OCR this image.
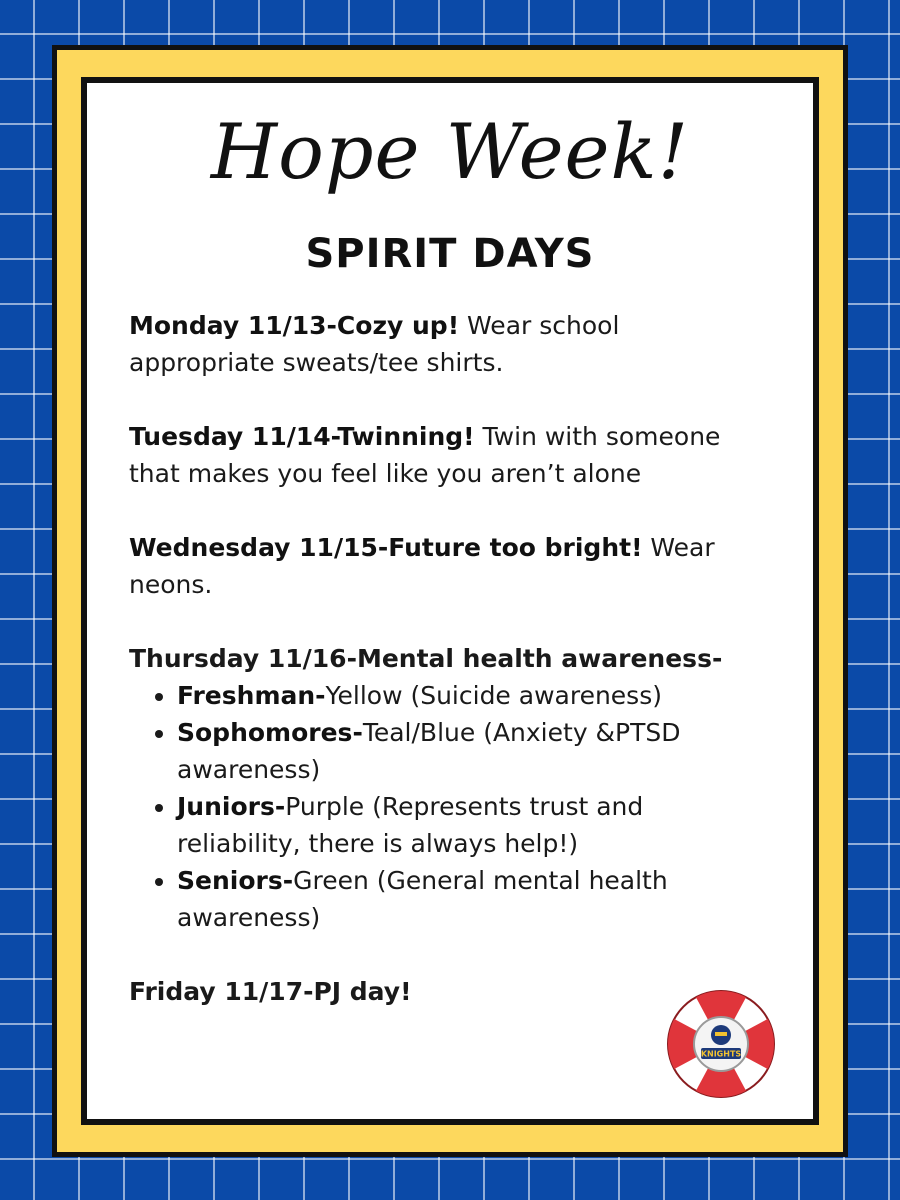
Hope Week!
SPIRIT DAYS

Monday 11/13-Cozy up! Wear school appropriate sweats/tee shirts.

Tuesday 11/14-Twinning! Twin with someone that makes you feel like you aren’t alone

Wednesday 11/15-Future too bright! Wear neons.

Thursday 11/16-Mental health awareness-

• Freshman-Yellow (Suicide awareness)
• Sophomores-Teal/Blue (Anxiety &PTSD awareness)
• Juniors-Purple (Represents trust and reliability, there is always help!)
• Seniors-Green (General mental health awareness)

Friday 11/17-PJ day!

KNIGHTS
